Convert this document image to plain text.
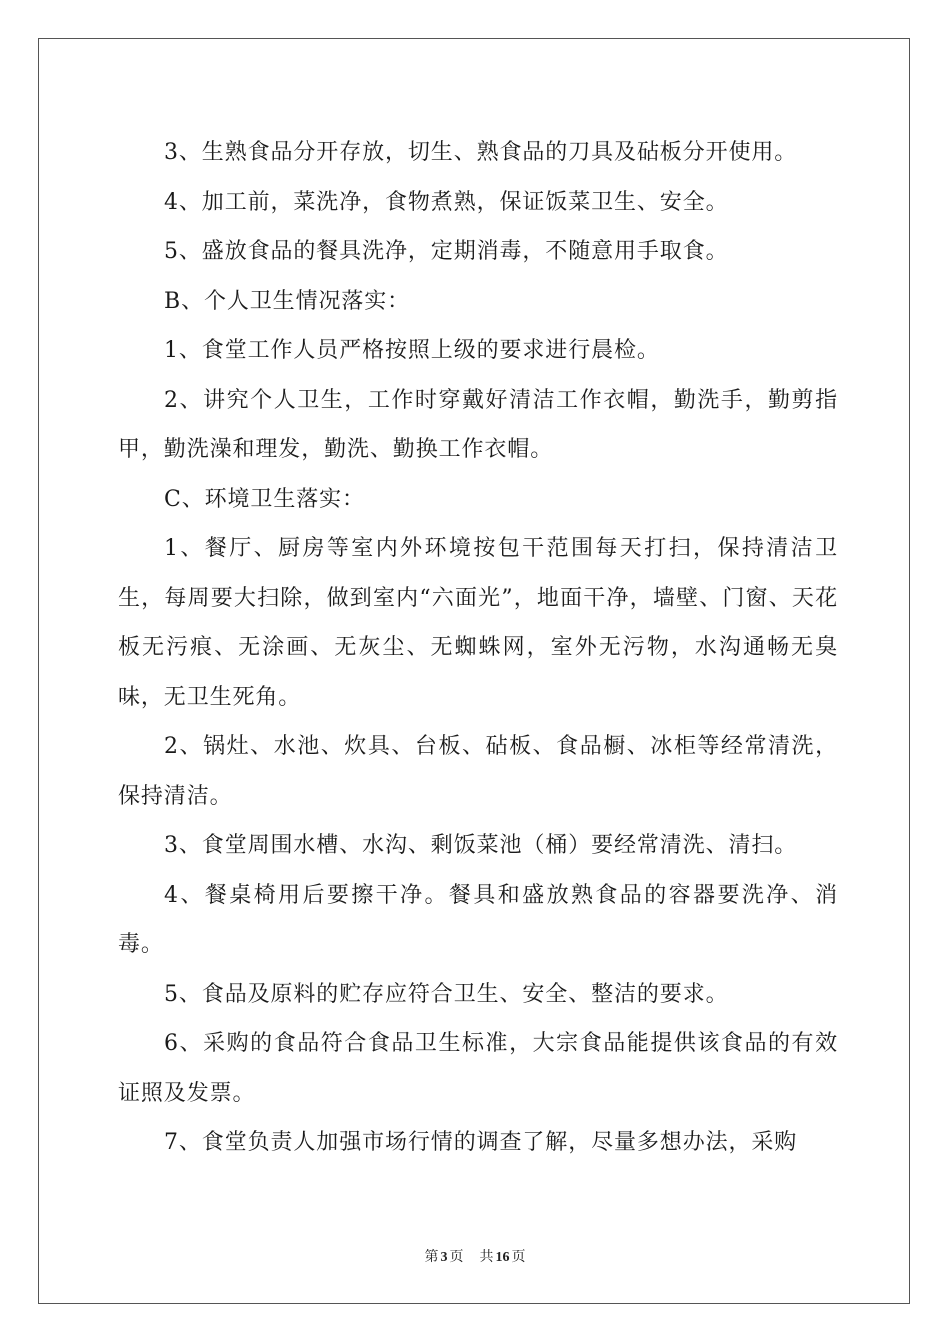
3、生熟食品分开存放，切生、熟食品的刀具及砧板分开使用。

4、加工前，菜洗净，食物煮熟，保证饭菜卫生、安全。

5、盛放食品的餐具洗净，定期消毒，不随意用手取食。

B、个人卫生情况落实：

1、食堂工作人员严格按照上级的要求进行晨检。

2、讲究个人卫生，工作时穿戴好清洁工作衣帽，勤洗手，勤剪指甲，勤洗澡和理发，勤洗、勤换工作衣帽。

C、环境卫生落实：

1、餐厅、厨房等室内外环境按包干范围每天打扫，保持清洁卫生，每周要大扫除，做到室内“六面光”，地面干净，墙壁、门窗、天花板无污痕、无涂画、无灰尘、无蜘蛛网，室外无污物，水沟通畅无臭味，无卫生死角。

2、锅灶、水池、炊具、台板、砧板、食品橱、冰柜等经常清洗，保持清洁。

3、食堂周围水槽、水沟、剩饭菜池（桶）要经常清洗、清扫。

4、餐桌椅用后要擦干净。餐具和盛放熟食品的容器要洗净、消毒。

5、食品及原料的贮存应符合卫生、安全、整洁的要求。

6、采购的食品符合食品卫生标准，大宗食品能提供该食品的有效证照及发票。

7、食堂负责人加强市场行情的调查了解，尽量多想办法，采购

第 3 页 共 16 页
